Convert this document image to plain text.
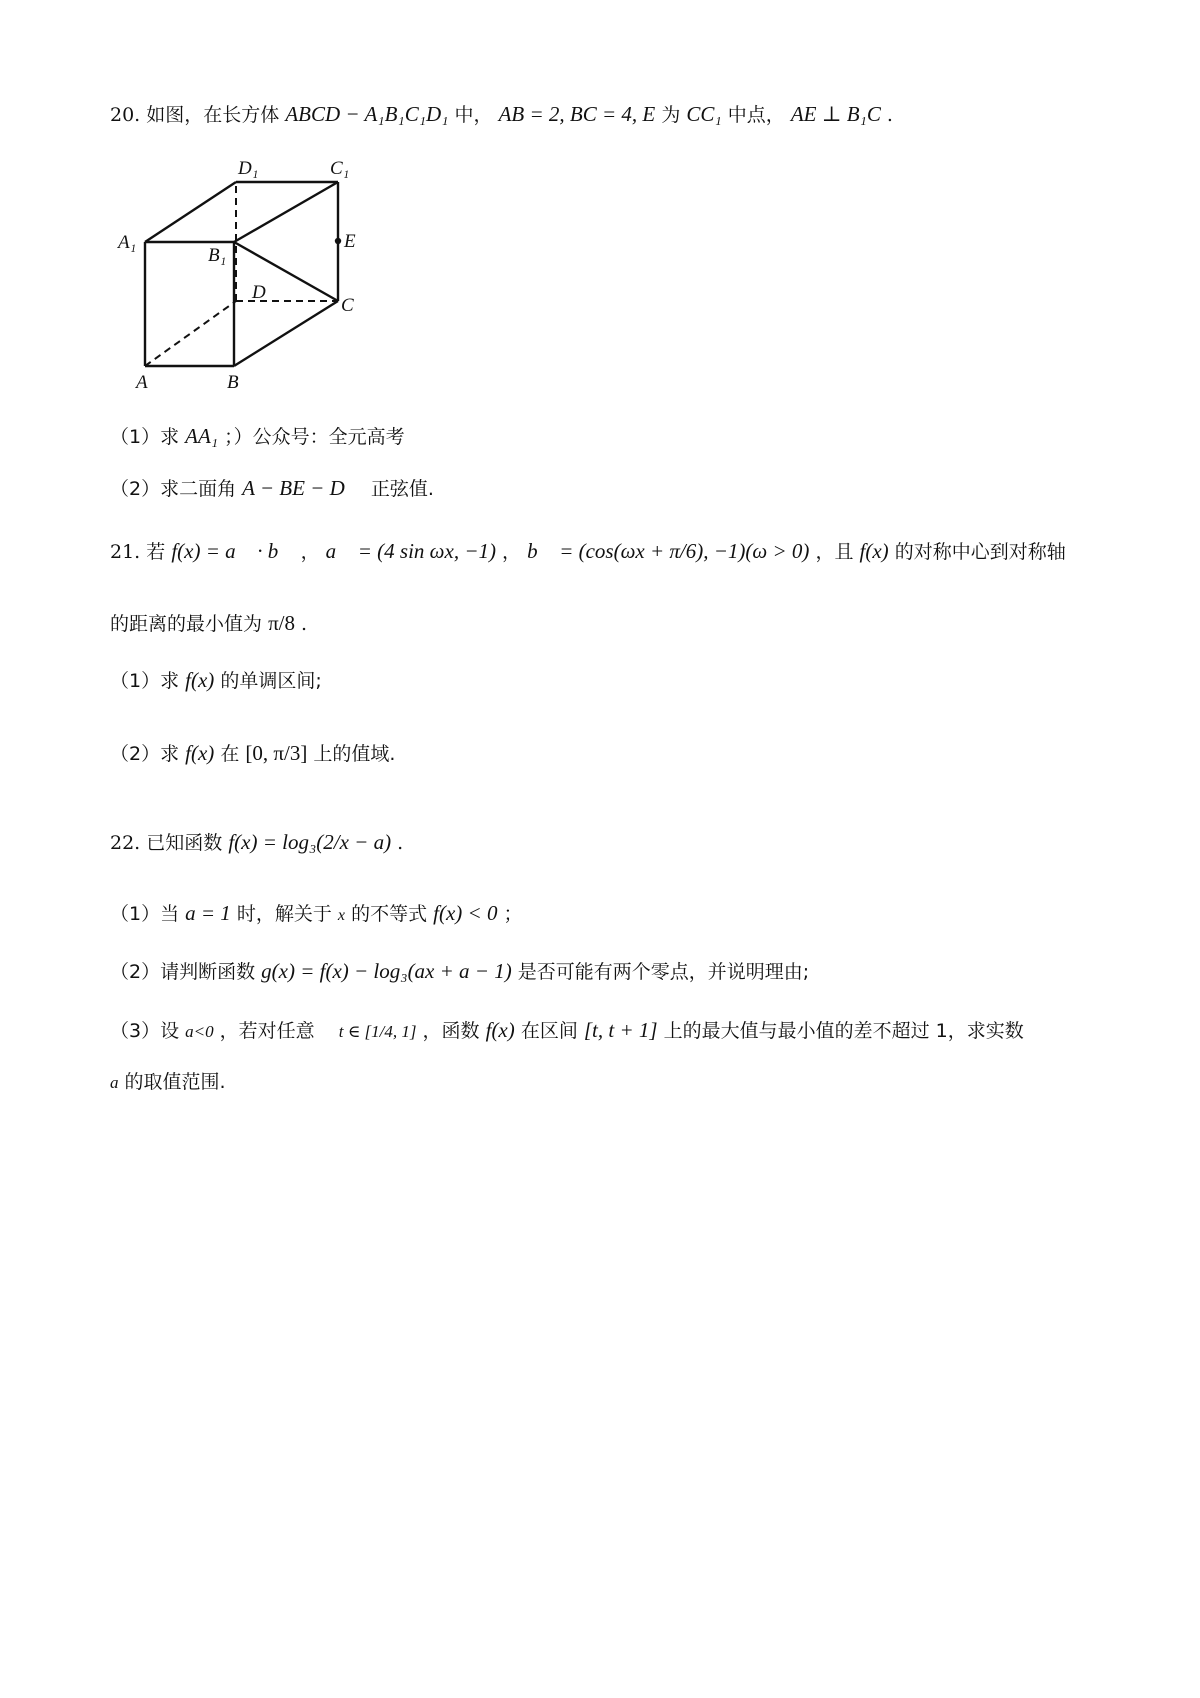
20. 如图，在长方体 ABCD − A₁B₁C₁D₁ 中， AB = 2, BC = 4, E 为 CC₁ 中点， AE ⊥ B₁C .
D₁	C₁
A₁
B₁
E
D
C
A	B
（1）求 AA₁ ；）公众号：全元高考
（2）求二面角 A − BE − D 正弦值.
21. 若 f(x) = a⃗ · b⃗ ， a⃗ = (4 sin ωx, −1) ， b⃗ = (cos(ωx + π/6), −1)(ω > 0) ，且 f(x) 的对称中心到对称轴
的距离的最小值为 π/8 .
（1）求 f(x) 的单调区间;
（2）求 f(x) 在 [0, π/3] 上的值域.
22. 已知函数 f(x) = log₃(2/x − a) .
（1）当 a = 1 时，解关于 x 的不等式 f(x) < 0 ；
（2）请判断函数 g(x) = f(x) − log₃(ax + a − 1) 是否可能有两个零点，并说明理由;
（3）设 a<0 ，若对任意 t ∈ [1/4, 1] ，函数 f(x) 在区间 [t, t + 1] 上的最大值与最小值的差不超过 1，求实数
a 的取值范围.
